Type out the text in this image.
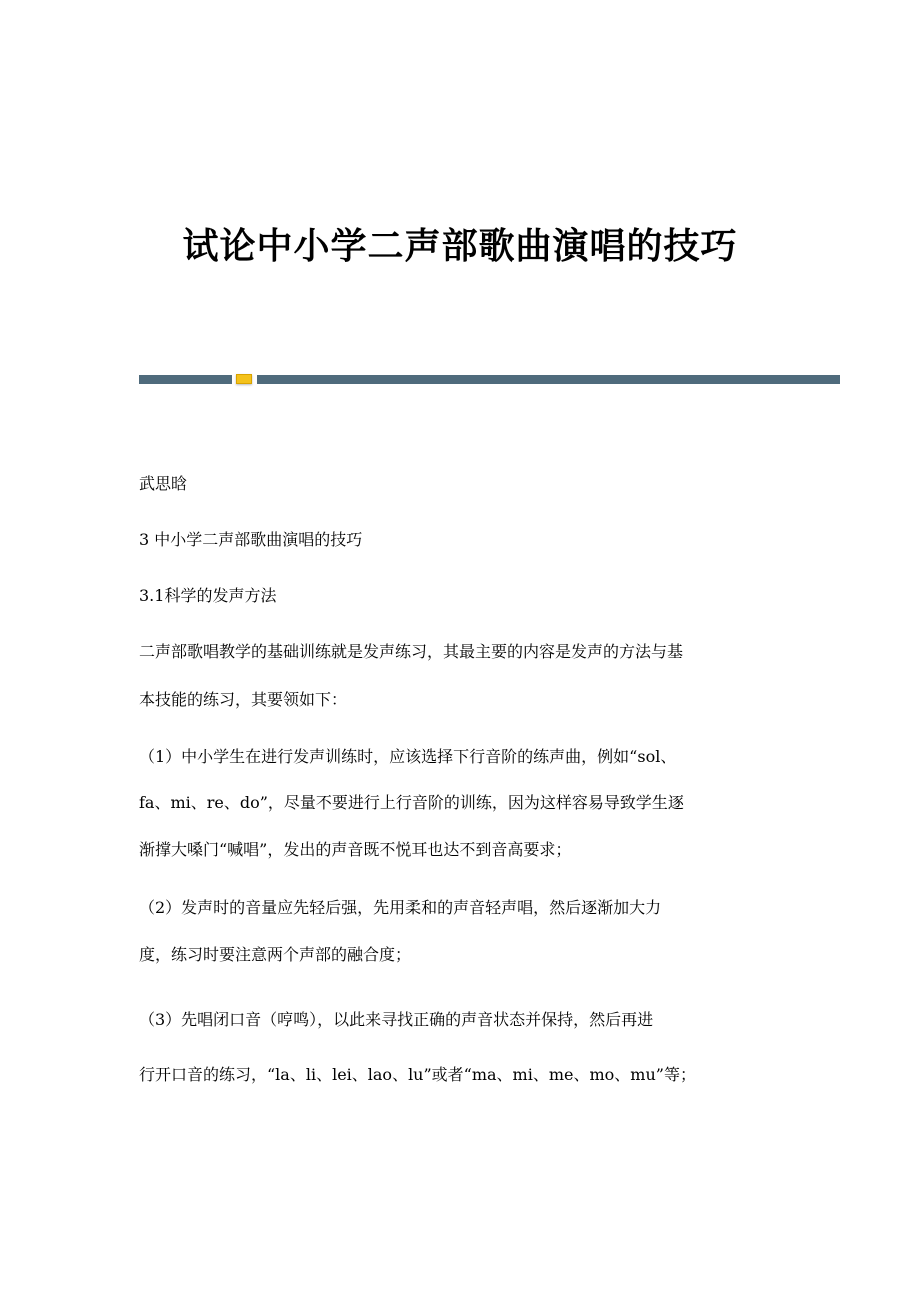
试论中小学二声部歌曲演唱的技巧
武思晗
3 中小学二声部歌曲演唱的技巧
3.1科学的发声方法
二声部歌唱教学的基础训练就是发声练习，其最主要的内容是发声的方法与基
本技能的练习，其要领如下：
（1）中小学生在进行发声训练时，应该选择下行音阶的练声曲，例如“sol、
fa、mi、re、do”，尽量不要进行上行音阶的训练，因为这样容易导致学生逐
渐撑大嗓门“喊唱”，发出的声音既不悦耳也达不到音高要求；
（2）发声时的音量应先轻后强，先用柔和的声音轻声唱，然后逐渐加大力
度，练习时要注意两个声部的融合度；
（3）先唱闭口音（哼鸣），以此来寻找正确的声音状态并保持，然后再进
行开口音的练习，“la、li、lei、lao、lu”或者“ma、mi、me、mo、mu”等；
